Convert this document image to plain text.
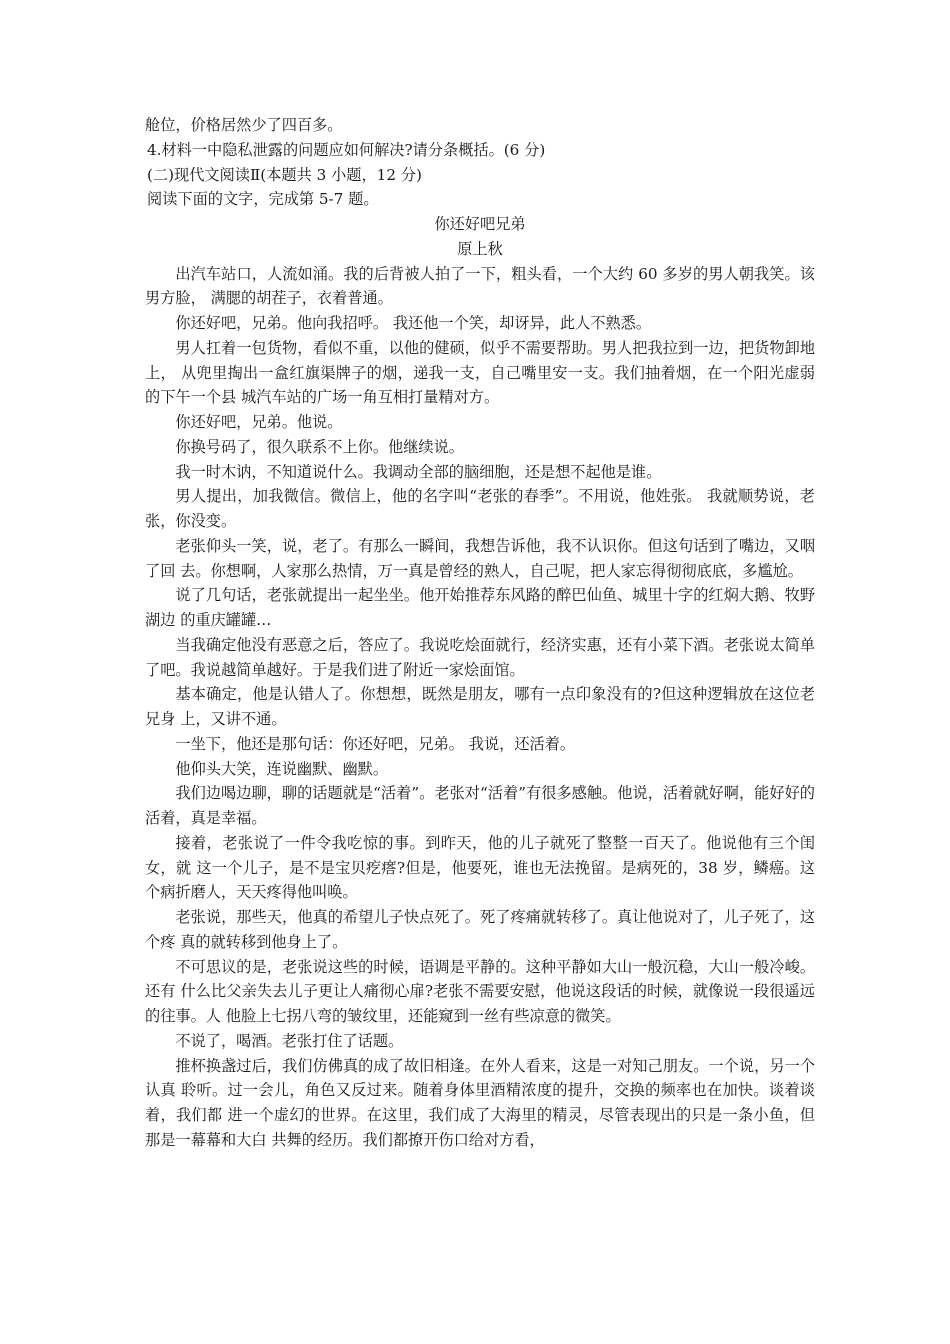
舱位，价格居然少了四百多。
4.材料一中隐私泄露的问题应如何解决?请分条概括。(6 分)
(二)现代文阅读Ⅱ(本题共 3 小题，12 分)
阅读下面的文字，完成第 5-7 题。
你还好吧兄弟
原上秋

出汽车站口，人流如涌。我的后背被人拍了一下，粗头看，一个大约 60 多岁的男人朝我笑。该男方脸， 满腮的胡茬子，衣着普通。

你还好吧，兄弟。他向我招呼。 我还他一个笑，却讶异，此人不熟悉。

男人扛着一包货物，看似不重，以他的健硕，似乎不需要帮助。男人把我拉到一边，把货物卸地上， 从兜里掏出一盒红旗渠牌子的烟，递我一支，自己嘴里安一支。我们抽着烟，在一个阳光虚弱的下午一个县 城汽车站的广场一角互相打量精对方。

你还好吧，兄弟。他说。

你换号码了，很久联系不上你。他继续说。

我一时木讷，不知道说什么。我调动全部的脑细胞，还是想不起他是谁。

男人提出，加我微信。微信上，他的名字叫“老张的春季”。不用说，他姓张。 我就顺势说，老张，你没变。

老张仰头一笑，说，老了。有那么一瞬间，我想告诉他，我不认识你。但这句话到了嘴边，又咽了回 去。你想啊，人家那么热情，万一真是曾经的熟人，自己呢，把人家忘得彻彻底底，多尴尬。

说了几句话，老张就提出一起坐坐。他开始推荐东风路的醉巴仙鱼、城里十字的红焖大鹅、牧野湖边 的重庆罐罐…

当我确定他没有恶意之后，答应了。我说吃烩面就行，经济实惠，还有小菜下酒。老张说太简单了吧。我说越简单越好。于是我们进了附近一家烩面馆。

基本确定，他是认错人了。你想想，既然是朋友，哪有一点印象没有的?但这种逻辑放在这位老兄身 上，又讲不通。

一坐下，他还是那句话：你还好吧，兄弟。 我说，还活着。

他仰头大笑，连说幽默、幽默。

我们边喝边聊，聊的话题就是“活着”。老张对“活着”有很多感触。他说，活着就好啊，能好好的 活着，真是幸福。

接着，老张说了一件令我吃惊的事。到昨天，他的儿子就死了整整一百天了。他说他有三个闺女，就 这一个儿子，是不是宝贝疙瘩?但是，他要死，谁也无法挽留。是病死的，38 岁，鳞癌。这个病折磨人，天天疼得他叫唤。

老张说，那些天，他真的希望儿子快点死了。死了疼痛就转移了。真让他说对了，儿子死了，这个疼 真的就转移到他身上了。

不可思议的是，老张说这些的时候，语调是平静的。这种平静如大山一般沉稳，大山一般冷峻。还有 什么比父亲失去儿子更让人痛彻心扉?老张不需要安慰，他说这段话的时候，就像说一段很遥远的往事。人 他脸上七拐八弯的皱纹里，还能窥到一丝有些凉意的微笑。

不说了，喝酒。老张打住了话题。

推杯换盏过后，我们仿佛真的成了故旧相逢。在外人看来，这是一对知己朋友。一个说，另一个认真 聆听。过一会儿，角色又反过来。随着身体里酒精浓度的提升，交换的频率也在加快。谈着谈着，我们都 进一个虚幻的世界。在这里，我们成了大海里的精灵，尽管表现出的只是一条小鱼，但那是一幕幕和大白 共舞的经历。我们都撩开伤口给对方看，
